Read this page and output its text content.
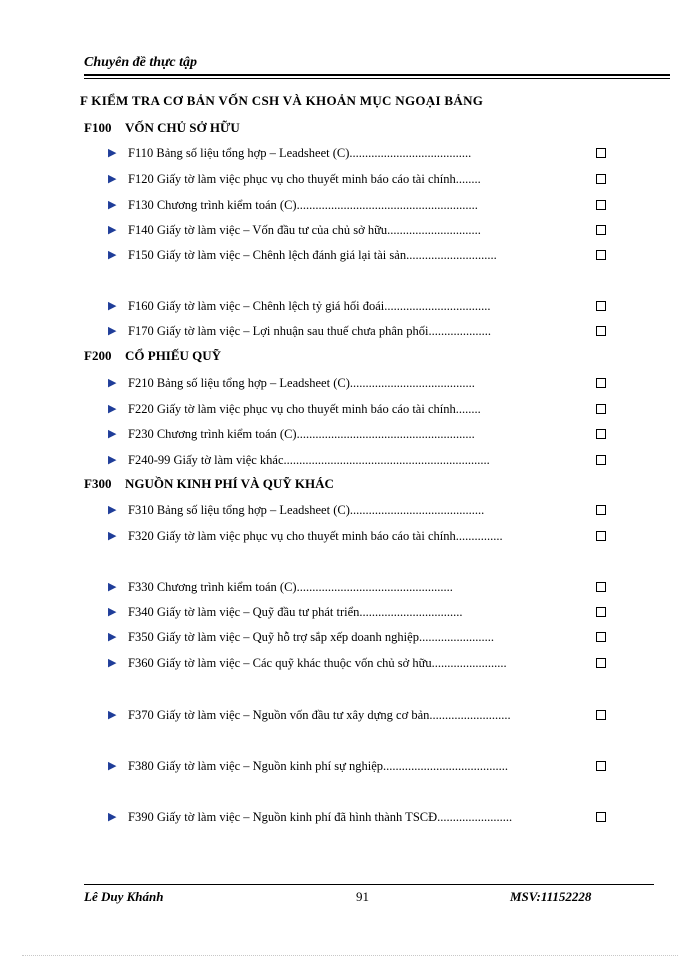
Chuyên đề thực tập
F KIỂM TRA CƠ BẢN VỐN CSH VÀ KHOẢN MỤC NGOẠI BẢNG
F100 VỐN CHỦ SỞ HỮU
▶ F110 Bảng số liệu tổng hợp – Leadsheet (C).......................................
▶ F120 Giấy tờ làm việc phục vụ cho thuyết minh báo cáo tài chính........
▶ F130 Chương trình kiểm toán (C)..........................................................
▶ F140 Giấy tờ làm việc – Vốn đầu tư của chủ sở hữu..............................
▶ F150 Giấy tờ làm việc – Chênh lệch đánh giá lại tài sản.............................
▶ F160 Giấy tờ làm việc – Chênh lệch tỷ giá hối đoái..................................
▶ F170 Giấy tờ làm việc – Lợi nhuận sau thuế chưa phân phối....................
F200 CỔ PHIẾU QUỸ
▶ F210 Bảng số liệu tổng hợp – Leadsheet (C)........................................
▶ F220 Giấy tờ làm việc phục vụ cho thuyết minh báo cáo tài chính........
▶ F230 Chương trình kiểm toán (C).........................................................
▶ F240-99 Giấy tờ làm việc khác..................................................................
F300 NGUỒN KINH PHÍ VÀ QUỸ KHÁC
▶ F310 Bảng số liệu tổng hợp – Leadsheet (C)...........................................
▶ F320 Giấy tờ làm việc phục vụ cho thuyết minh báo cáo tài chính...............
▶ F330 Chương trình kiểm toán (C)..................................................
▶ F340 Giấy tờ làm việc – Quỹ đầu tư phát triển.................................
▶ F350 Giấy tờ làm việc – Quỹ hỗ trợ sắp xếp doanh nghiệp........................
▶ F360 Giấy tờ làm việc – Các quỹ khác thuộc vốn chủ sở hữu........................
▶ F370 Giấy tờ làm việc – Nguồn vốn đầu tư xây dựng cơ bản..........................
▶ F380 Giấy tờ làm việc – Nguồn kinh phí sự nghiệp........................................
▶ F390 Giấy tờ làm việc – Nguồn kinh phí đã hình thành TSCĐ........................
Lê Duy Khánh	91	MSV:11152228
